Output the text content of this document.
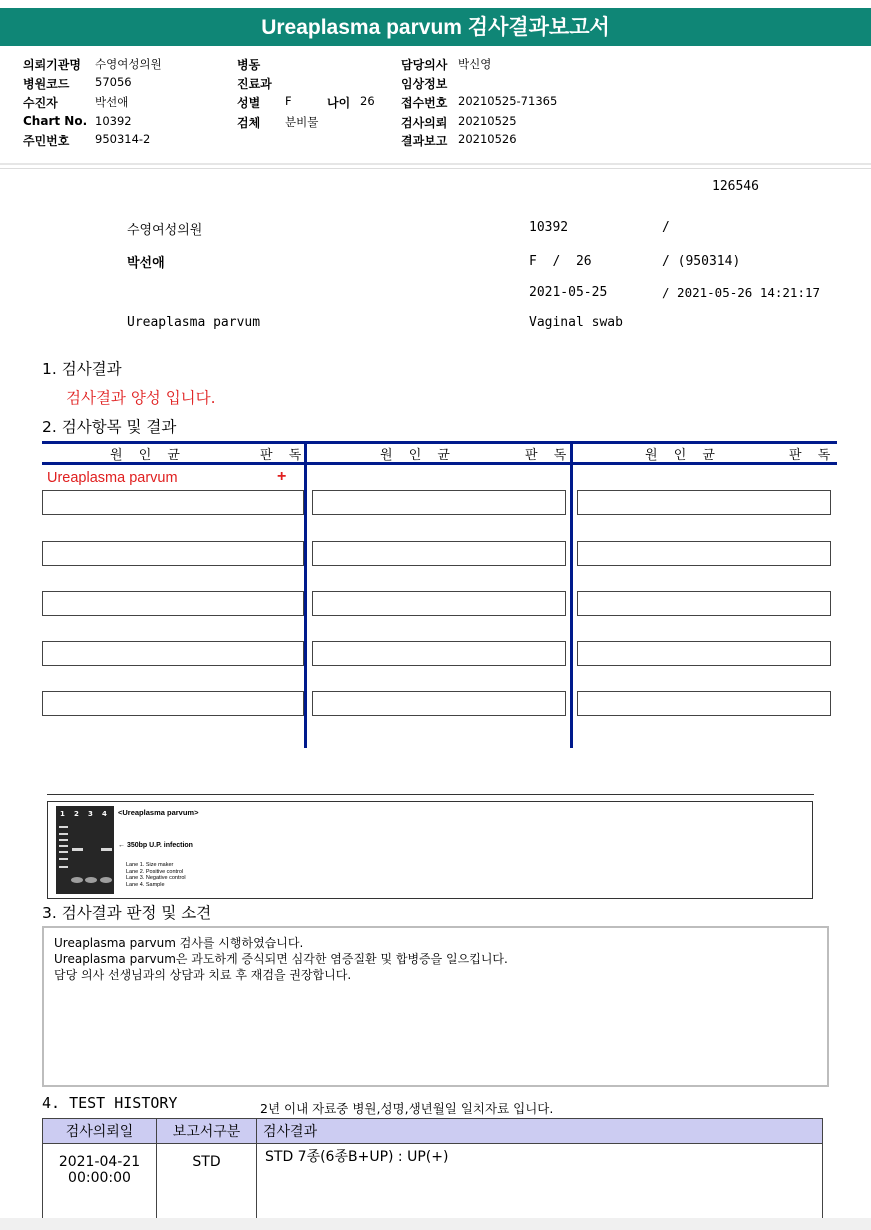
Ureaplasma parvum 검사결과보고서
의뢰기관명 수영여성의원
병원코드 57056
수진자	박선애
Chart No. 10392
주민번호 950314-2
병동
진료과
성별 F	나이 26
검체 분비물
담당의사 박신영
임상정보
접수번호 20210525-71365
검사의뢰 20210525
결과보고 20210526
126546
수영여성의원	10392	/
박선애	F  /  26	/ (950314)
2021-05-25	/ 2021-05-26 14:21:17
Ureaplasma parvum	Vaginal swab
1. 검사결과
검사결과 양성 입니다.
2. 검사항목 및 결과
원 인 균	판 독	원 인 균	판 독	원 인 균	판 독
Ureaplasma parvum	+
1 2 3 4 <Ureaplasma parvum>
← 350bp U.P. infection
Lane 1. Size maker
Lane 2. Positive control
Lane 3. Negative control
Lane 4. Sample
3. 검사결과 판정 및 소견
Ureaplasma parvum 검사를 시행하였습니다.
Ureaplasma parvum은 과도하게 증식되면 심각한 염증질환 및 합병증을 일으킵니다.
담당 의사 선생님과의 상담과 치료 후 재검을 권장합니다.
4. TEST HISTORY	2년 이내 자료중 병원,성명,생년월일 일치자료 입니다.
검사의뢰일	보고서구분	검사결과

2021-04-21
00:00:00	STD	STD 7종(6종B+UP) : UP(+)
